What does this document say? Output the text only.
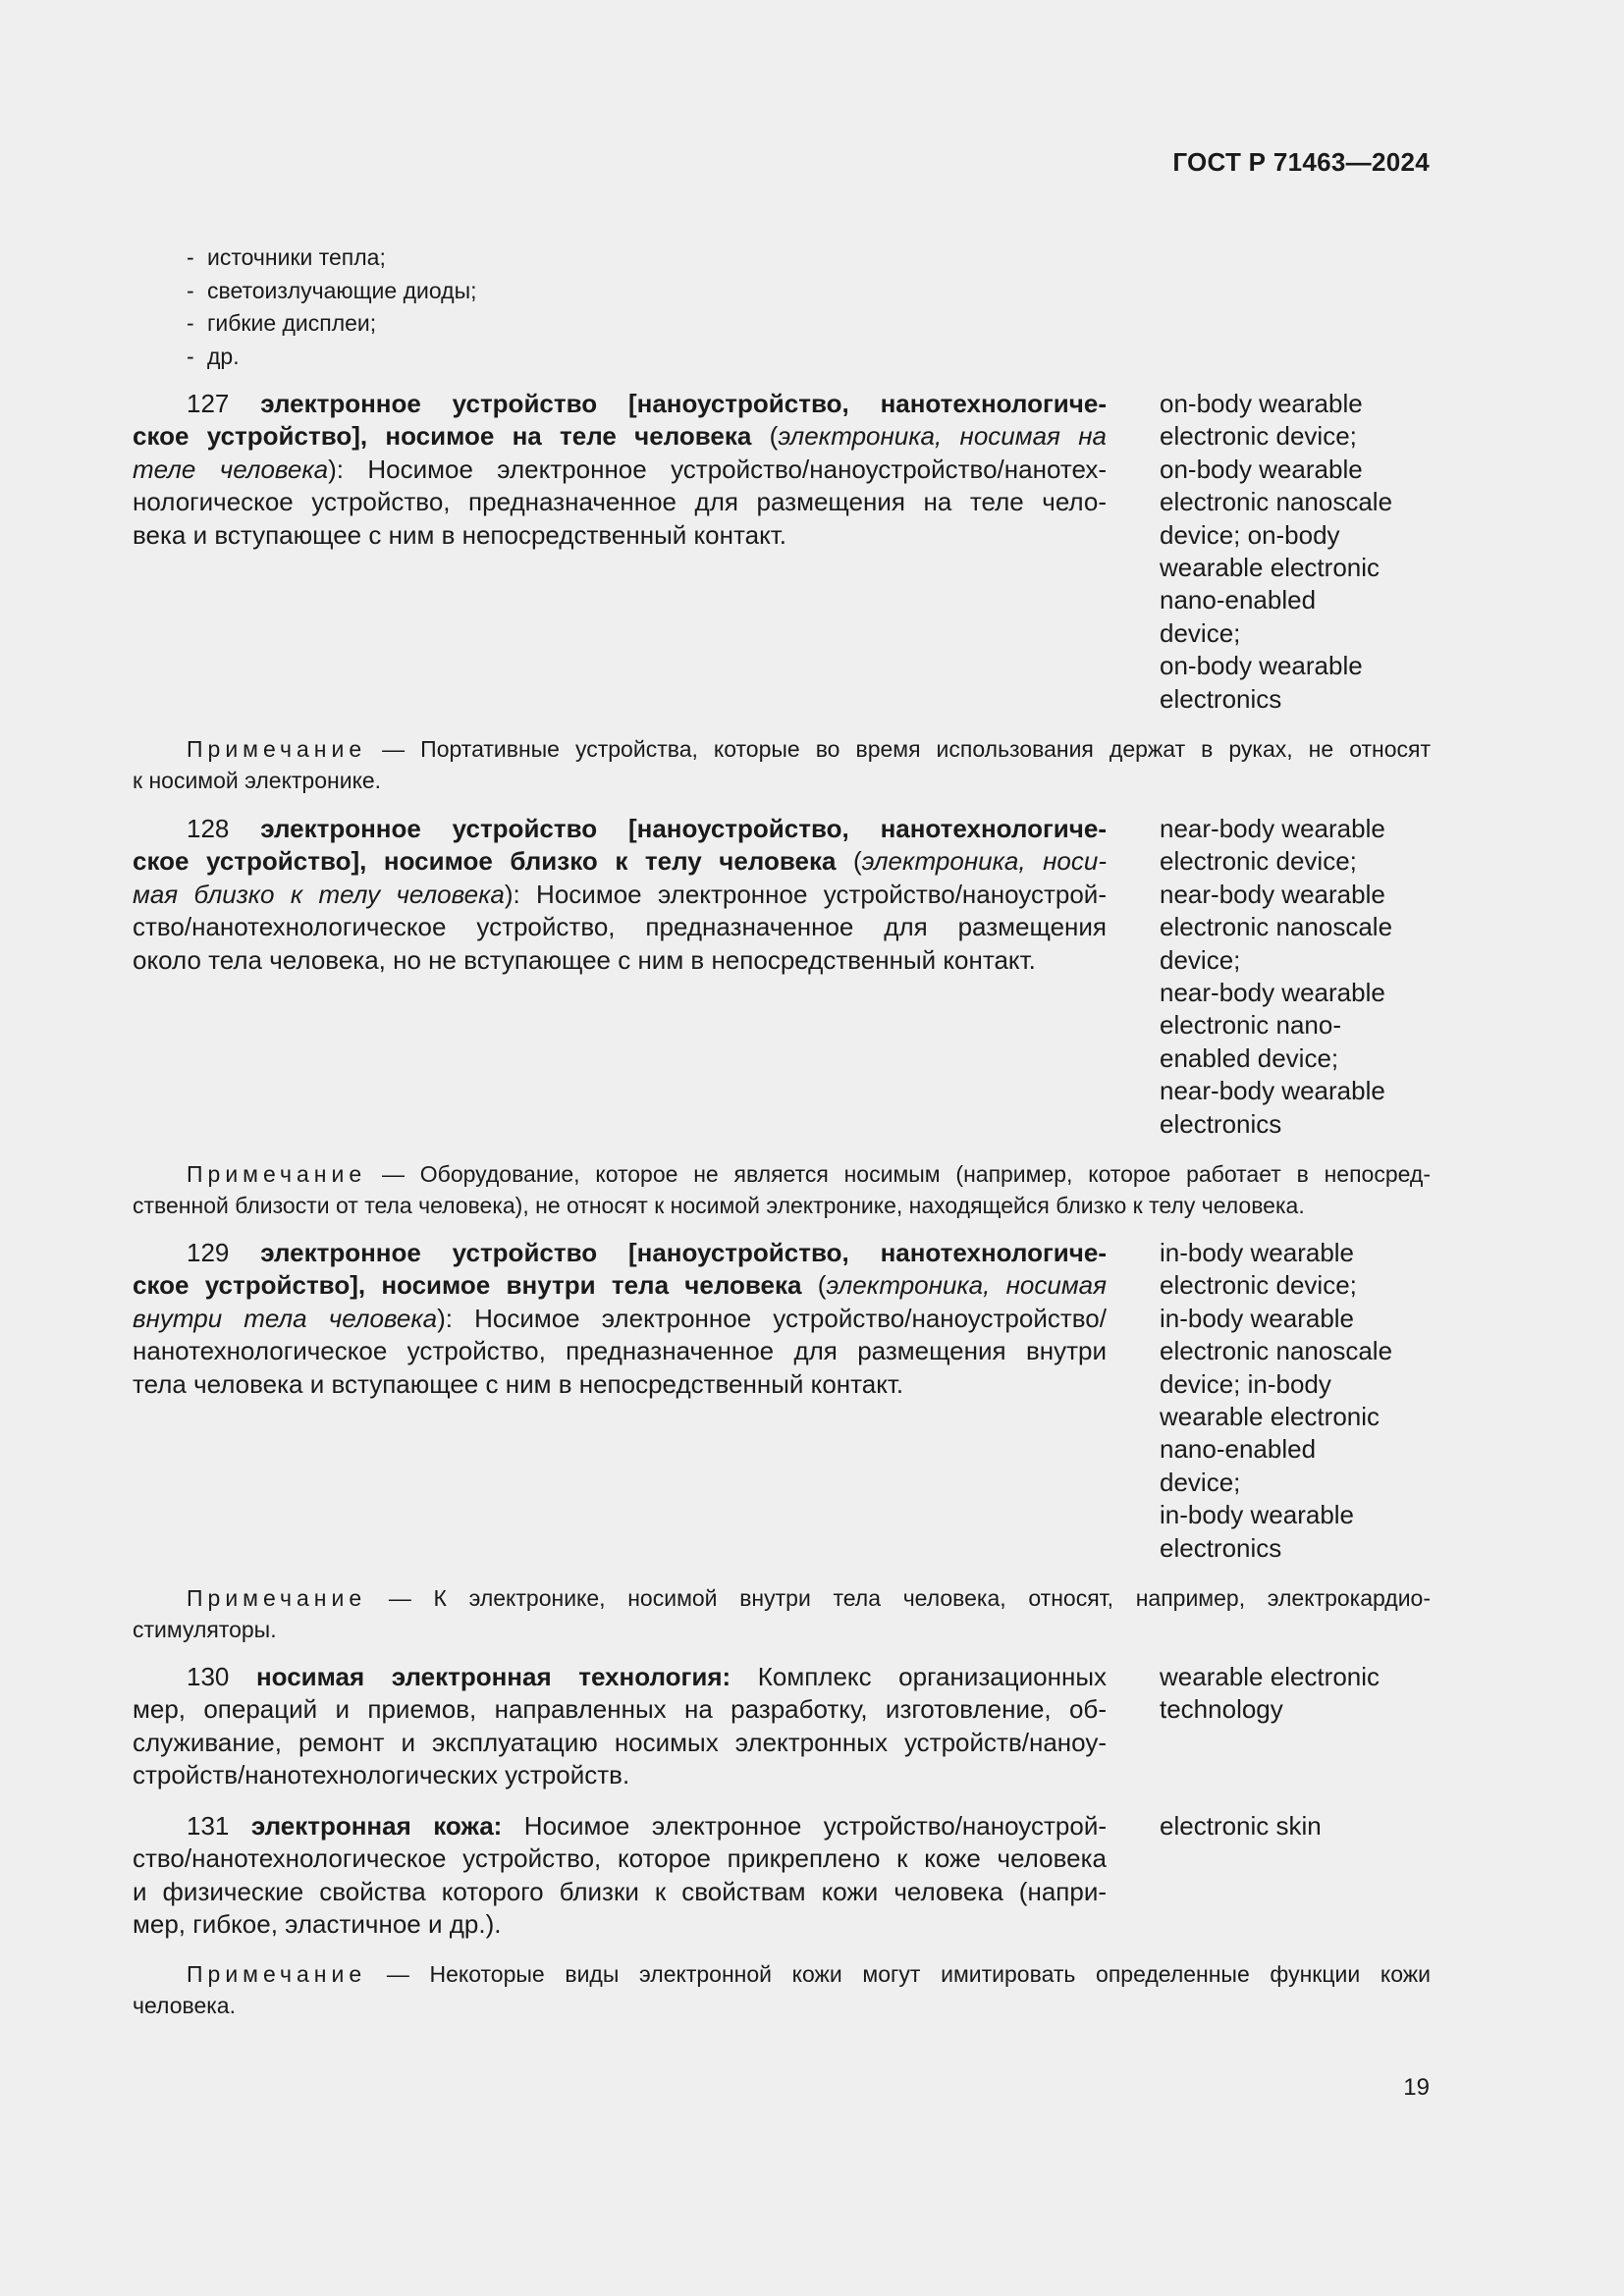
ГОСТ Р 71463—2024
- источники тепла;
- светоизлучающие диоды;
- гибкие дисплеи;
- др.
127 электронное устройство [наноустройство, нанотехнологиче-
ское устройство], носимое на теле человека (электроника, носимая на
теле человека): Носимое электронное устройство/наноустройство/нанотех-
нологическое устройство, предназначенное для размещения на теле чело-
века и вступающее с ним в непосредственный контакт.
on-body wearable
electronic device;
on-body wearable
electronic nanoscale
device; on-body
wearable electronic
nano-enabled
device;
on-body wearable
electronics
Примечание — Портативные устройства, которые во время использования держат в руках, не относят
к носимой электронике.
128 электронное устройство [наноустройство, нанотехнологиче-
ское устройство], носимое близко к телу человека (электроника, носи-
мая близко к телу человека): Носимое электронное устройство/наноустрой-
ство/нанотехнологическое устройство, предназначенное для размещения
около тела человека, но не вступающее с ним в непосредственный контакт.
near-body wearable
electronic device;
near-body wearable
electronic nanoscale
device;
near-body wearable
electronic nano-
enabled device;
near-body wearable
electronics
Примечание — Оборудование, которое не является носимым (например, которое работает в непосред-
ственной близости от тела человека), не относят к носимой электронике, находящейся близко к телу человека.
129 электронное устройство [наноустройство, нанотехнологиче-
ское устройство], носимое внутри тела человека (электроника, носимая
внутри тела человека): Носимое электронное устройство/наноустройство/
нанотехнологическое устройство, предназначенное для размещения внутри
тела человека и вступающее с ним в непосредственный контакт.
in-body wearable
electronic device;
in-body wearable
electronic nanoscale
device; in-body
wearable electronic
nano-enabled
device;
in-body wearable
electronics
Примечание — К электронике, носимой внутри тела человека, относят, например, электрокардио-
стимуляторы.
130 носимая электронная технология: Комплекс организационных
мер, операций и приемов, направленных на разработку, изготовление, об-
служивание, ремонт и эксплуатацию носимых электронных устройств/наноу-
стройств/нанотехнологических устройств.
wearable electronic
technology
131 электронная кожа: Носимое электронное устройство/наноустрой-
ство/нанотехнологическое устройство, которое прикреплено к коже человека
и физические свойства которого близки к свойствам кожи человека (напри-
мер, гибкое, эластичное и др.).
electronic skin
Примечание — Некоторые виды электронной кожи могут имитировать определенные функции кожи
человека.
19
